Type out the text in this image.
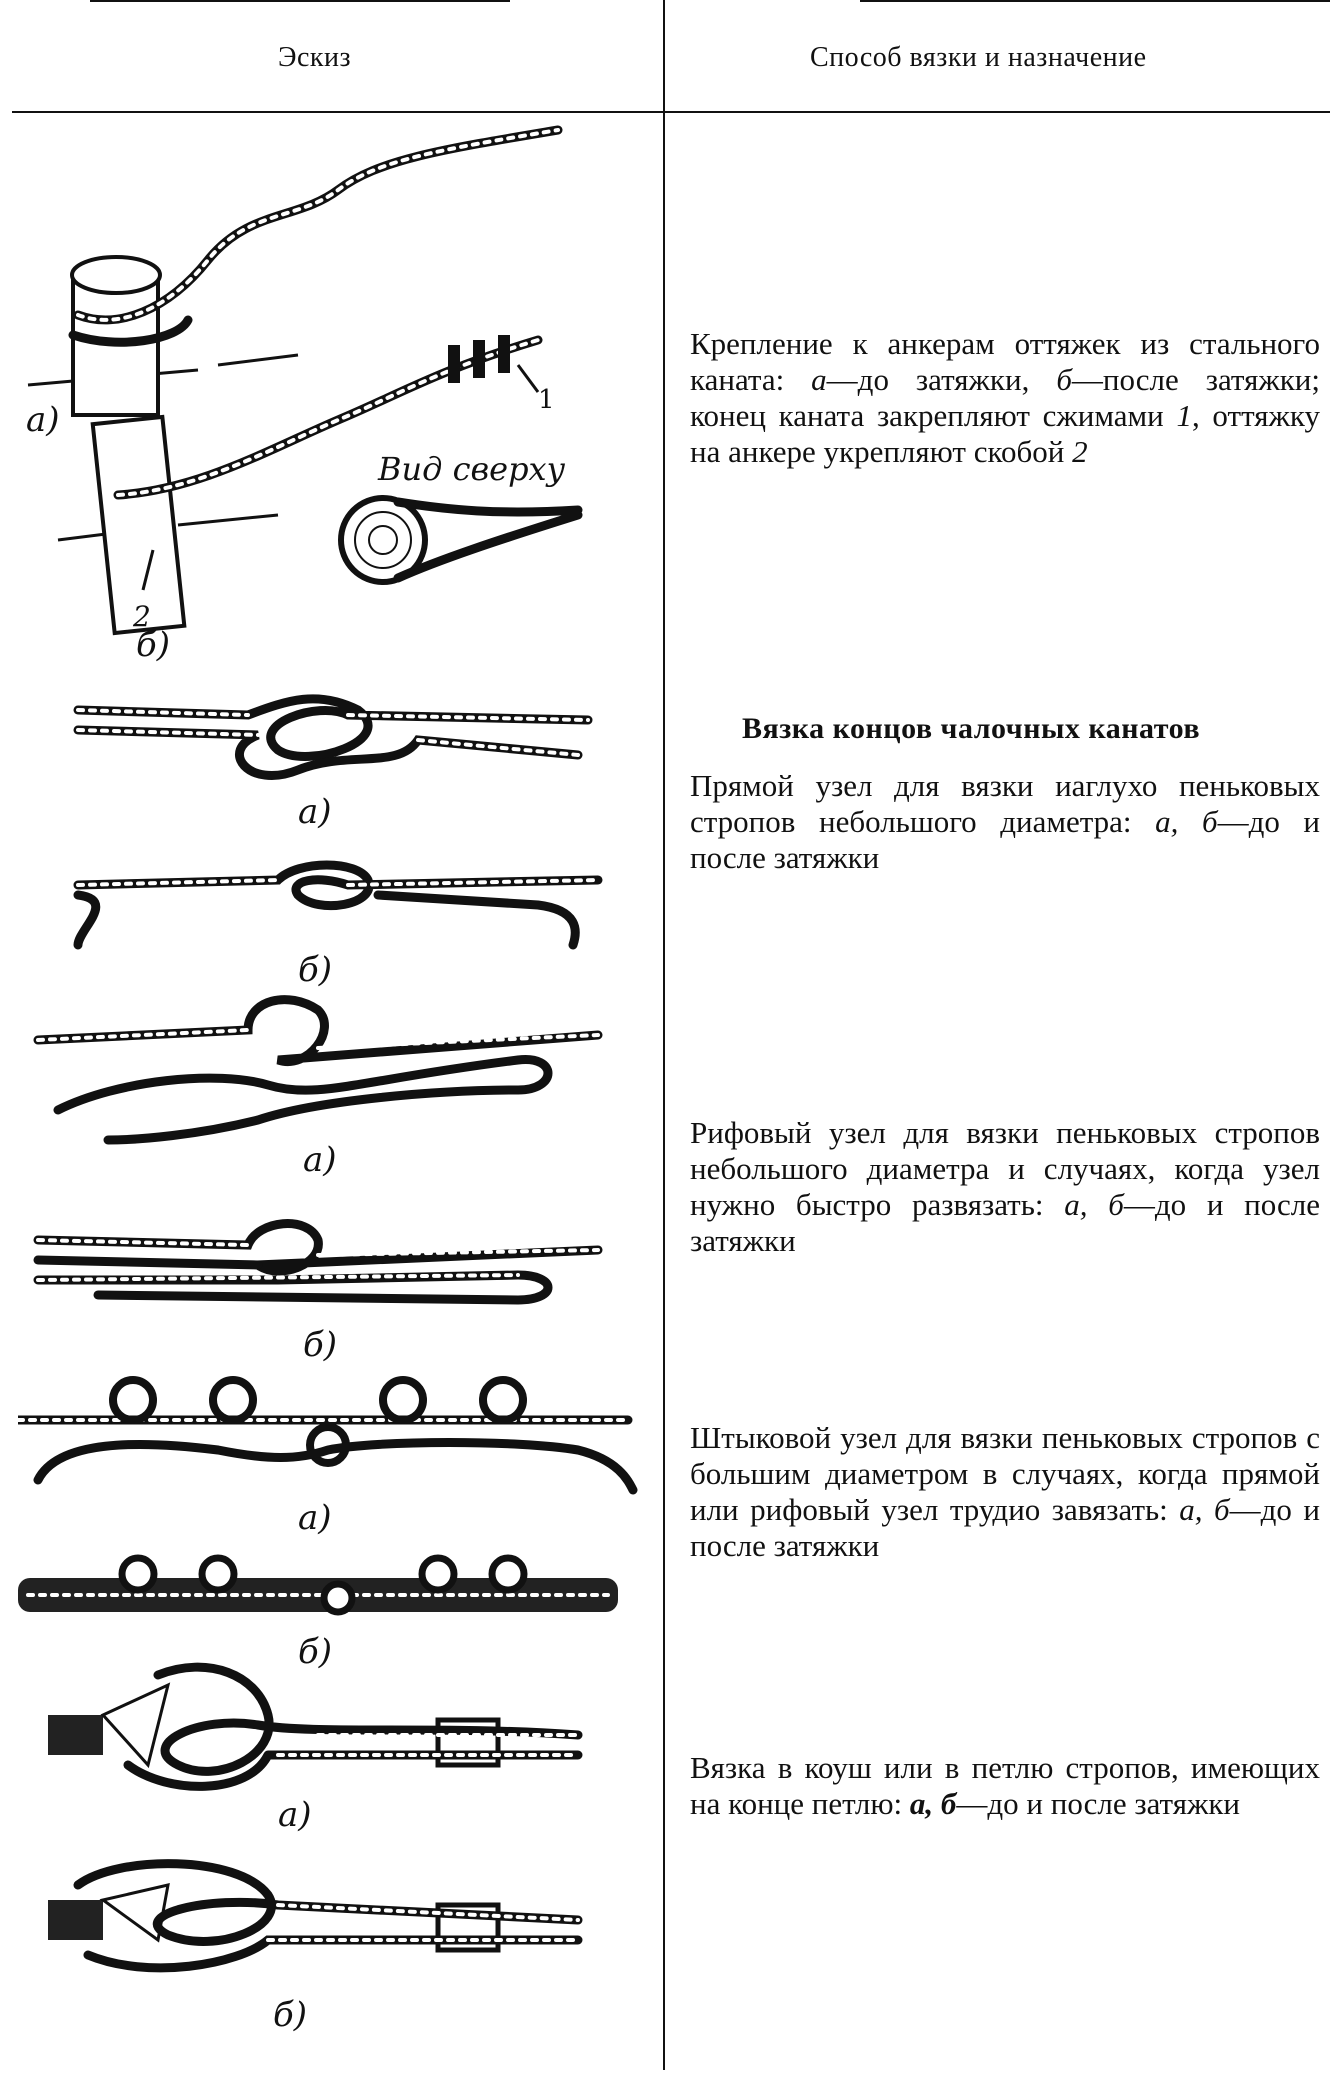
Эскиз	Способ вязки и назначение
а)
б)
1
2
Вид сверху
а)
б)
а)
б)
а)
б)
а)
б)
Крепление к анкерам оттяжек из стального каната: а—до затяжки, б—после затяжки; конец каната закрепляют сжимами 1, оттяжку на анкере укрепляют скобой 2
Вязка концов чалочных канатов
Прямой узел для вязки иаглухо пеньковых стропов небольшого диаметра: а, б—до и после затяжки
Рифовый узел для вязки пеньковых стропов небольшого диаметра и случаях, когда узел нужно быстро развязать: а, б—до и после затяжки
Штыковой узел для вязки пеньковых стропов с большим диаметром в случаях, когда прямой или рифовый узел трудио завязать: а, б—до и после затяжки
Вязка в коуш или в петлю стропов, имеющих на конце петлю: а, б—до и после затяжки
